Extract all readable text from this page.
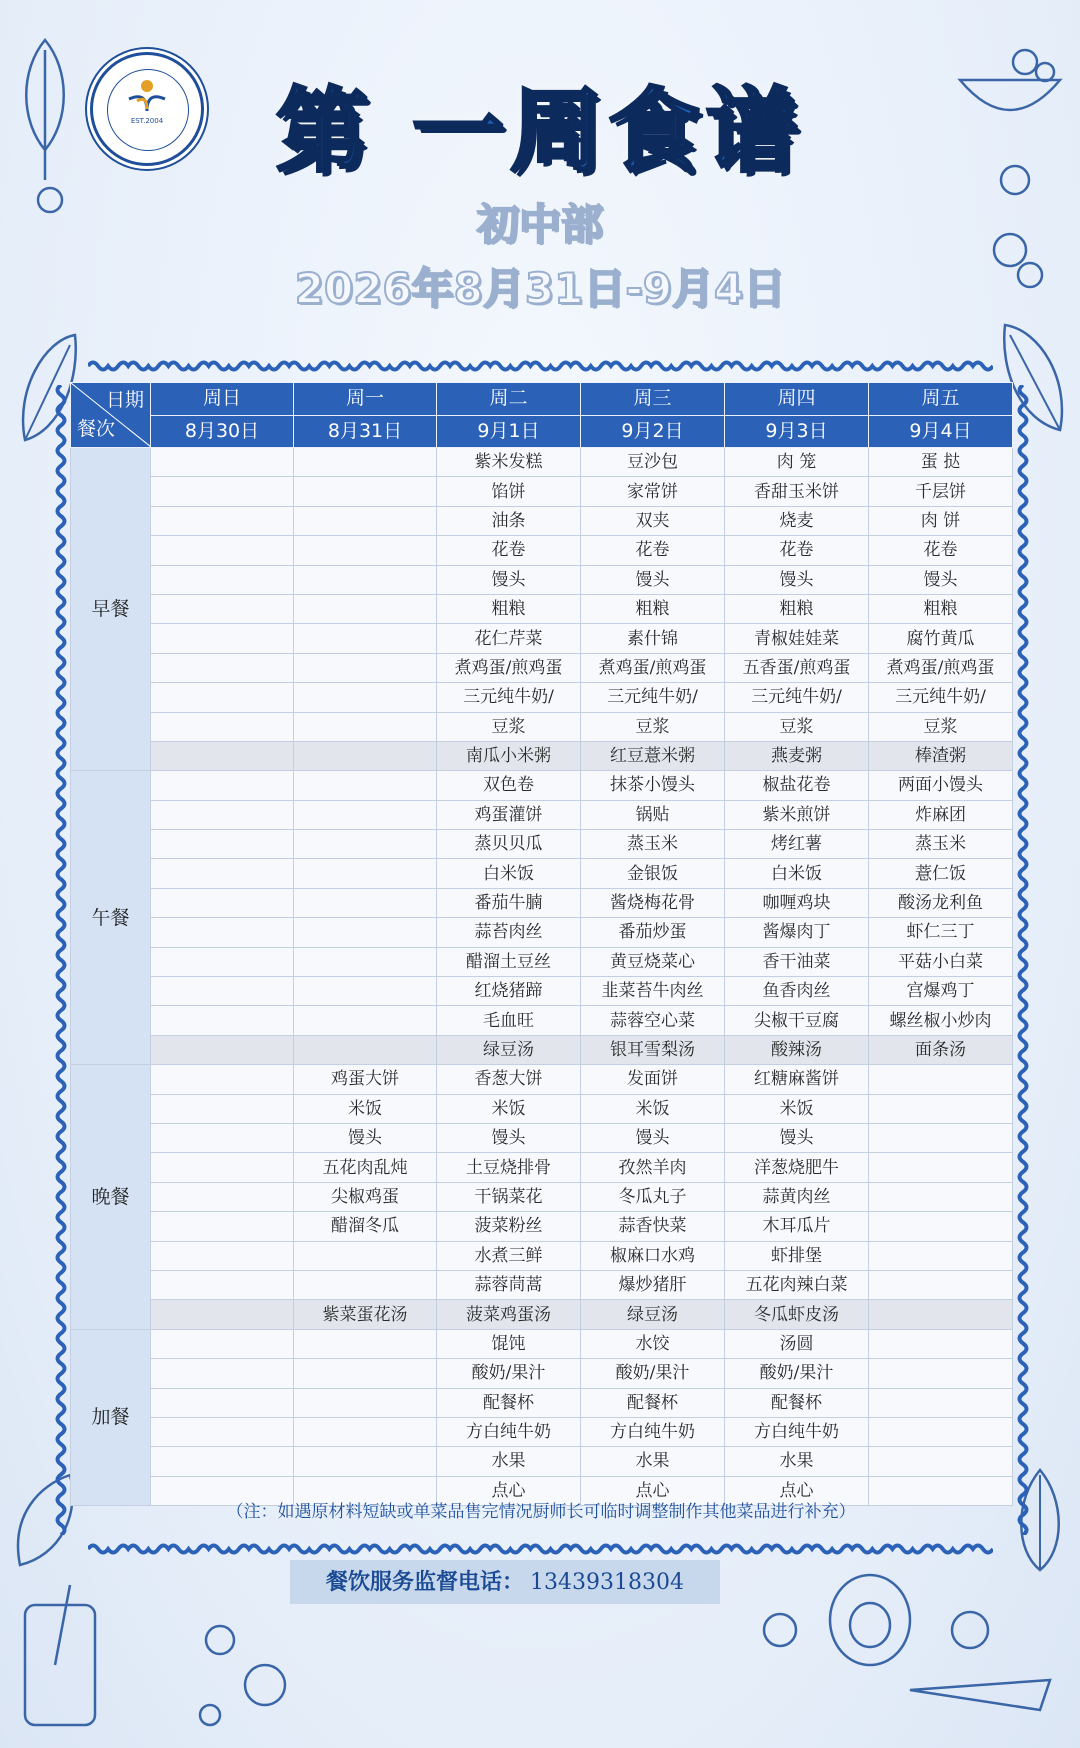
EST.2004	第 一周食谱
初中部
2026年8月31日-9月4日
日期
餐次	周日	周一	周二	周三	周四	周五
	8月30日	8月31日	9月1日	9月2日	9月3日	9月4日
早餐			紫米发糕	豆沙包	肉 笼	蛋 挞
			馅饼	家常饼	香甜玉米饼	千层饼
			油条	双夹	烧麦	肉 饼
			花卷	花卷	花卷	花卷
			馒头	馒头	馒头	馒头
			粗粮	粗粮	粗粮	粗粮
			花仁芹菜	素什锦	青椒娃娃菜	腐竹黄瓜
			煮鸡蛋/煎鸡蛋	煮鸡蛋/煎鸡蛋	五香蛋/煎鸡蛋	煮鸡蛋/煎鸡蛋
			三元纯牛奶/	三元纯牛奶/	三元纯牛奶/	三元纯牛奶/
			豆浆	豆浆	豆浆	豆浆
			南瓜小米粥	红豆薏米粥	燕麦粥	棒渣粥
午餐			双色卷	抹茶小馒头	椒盐花卷	两面小馒头
			鸡蛋灌饼	锅贴	紫米煎饼	炸麻团
			蒸贝贝瓜	蒸玉米	烤红薯	蒸玉米
			白米饭	金银饭	白米饭	薏仁饭
			番茄牛腩	酱烧梅花骨	咖喱鸡块	酸汤龙利鱼
			蒜苔肉丝	番茄炒蛋	酱爆肉丁	虾仁三丁
			醋溜土豆丝	黄豆烧菜心	香干油菜	平菇小白菜
			红烧猪蹄	韭菜苔牛肉丝	鱼香肉丝	宫爆鸡丁
			毛血旺	蒜蓉空心菜	尖椒干豆腐	螺丝椒小炒肉
			绿豆汤	银耳雪梨汤	酸辣汤	面条汤
晚餐		鸡蛋大饼	香葱大饼	发面饼	红糖麻酱饼	
		米饭	米饭	米饭	米饭	
		馒头	馒头	馒头	馒头	
		五花肉乱炖	土豆烧排骨	孜然羊肉	洋葱烧肥牛	
		尖椒鸡蛋	干锅菜花	冬瓜丸子	蒜黄肉丝	
		醋溜冬瓜	菠菜粉丝	蒜香快菜	木耳瓜片	
			水煮三鲜	椒麻口水鸡	虾排堡	
			蒜蓉茼蒿	爆炒猪肝	五花肉辣白菜	
		紫菜蛋花汤	菠菜鸡蛋汤	绿豆汤	冬瓜虾皮汤	
加餐			馄饨	水饺	汤圆	
			酸奶/果汁	酸奶/果汁	酸奶/果汁	
			配餐杯	配餐杯	配餐杯	
			方白纯牛奶	方白纯牛奶	方白纯牛奶	
			水果	水果	水果	
			点心	点心	点心	
（注：如遇原材料短缺或单菜品售完情况厨师长可临时调整制作其他菜品进行补充）
餐饮服务监督电话： 13439318304
